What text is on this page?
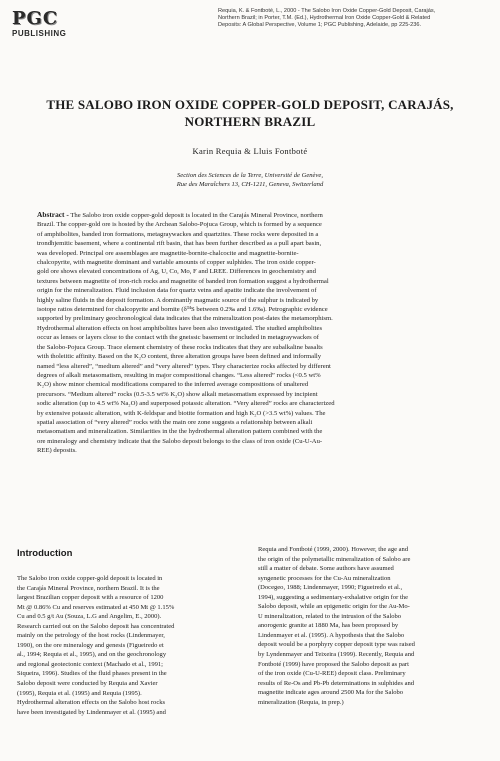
PGC
PUBLISHING
Requia, K. & Fontboté, L., 2000 - The Salobo Iron Oxide Copper-Gold Deposit, Carajás,
Northern Brazil; in Porter, T.M. (Ed.), Hydrothermal Iron Oxide Copper-Gold & Related
Deposits: A Global Perspective, Volume 1; PGC Publishing, Adelaide, pp 225-236.
THE SALOBO IRON OXIDE COPPER-GOLD DEPOSIT, CARAJÁS,
NORTHERN BRAZIL
Karin Requia & Lluis Fontboté
Section des Sciences de la Terre, Université de Genève,
Rue des Maraîchers 13, CH-1211, Geneva, Switzerland
Abstract - The Salobo iron oxide copper-gold deposit is located in the Carajás Mineral Province, northern
Brazil. The copper-gold ore is hosted by the Archean Salobo-Pojuca Group, which is formed by a sequence
of amphibolites, banded iron formations, metagraywackes and quartzites. These rocks were deposited in a
trondhjemitic basement, where a continental rift basin, that has been further described as a pull apart basin,
was developed. Principal ore assemblages are magnetite-bornite-chalcocite and magnetite-bornite-
chalcopyrite, with magnetite dominant and variable amounts of copper sulphides. The iron oxide copper-
gold ore shows elevated concentrations of Ag, U, Co, Mo, F and LREE. Differences in geochemistry and
textures between magnetite of iron-rich rocks and magnetite of banded iron formation suggest a hydrothermal
origin for the mineralization. Fluid inclusion data for quartz veins and apatite indicate the involvement of
highly saline fluids in the deposit formation. A dominantly magmatic source of the sulphur is indicated by
isotope ratios determined for chalcopyrite and bornite (δ³⁴S between 0.2‰ and 1.6‰). Petrographic evidence
supported by preliminary geochronological data indicates that the mineralization post-dates the metamorphism.
Hydrothermal alteration effects on host amphibolites have been also investigated. The studied amphibolites
occur as lenses or layers close to the contact with the gneissic basement or included in metagraywackes of
the Salobo-Pojuca Group. Trace element chemistry of these rocks indicates that they are subalkaline basalts
with tholeiitic affinity. Based on the K₂O content, three alteration groups have been defined and informally
named “less altered”, “medium altered” and “very altered” types. They characterize rocks affected by different
degrees of alkali metasomatism, resulting in major compositional changes. “Less altered” rocks (<0.5 wt%
K₂O) show minor chemical modifications compared to the inferred average compositions of unaltered
precursors. “Medium altered” rocks (0.5-3.5 wt% K₂O) show alkali metasomatism expressed by incipient
sodic alteration (up to 4.5 wt% Na₂O) and superposed potassic alteration. “Very altered” rocks are characterized
by extensive potassic alteration, with K-feldspar and biotite formation and high K₂O (>3.5 wt%) values. The
spatial association of “very altered” rocks with the main ore zone suggests a relationship between alkali
metasomatism and mineralization. Similarities in the the hydrothermal alteration pattern combined with the
ore mineralogy and chemistry indicate that the Salobo deposit belongs to the class of iron oxide (Cu-U-Au-
REE) deposits.
Introduction
The Salobo iron oxide copper-gold deposit is located in
the Carajás Mineral Province, northern Brazil. It is the
largest Brazilian copper deposit with a resource of 1200
Mt @ 0.86% Cu and reserves estimated at 450 Mt @ 1.15%
Cu and 0.5 g/t Au (Souza, L.G and Angelim, E., 2000).
Research carried out on the Salobo deposit has concentrated
mainly on the petrology of the host rocks (Lindenmayer,
1990), on the ore mineralogy and genesis (Figueiredo et
al., 1994; Requia et al., 1995), and on the geochronology
and regional geotectonic context (Machado et al., 1991;
Siqueira, 1996). Studies of the fluid phases present in the
Salobo deposit were conducted by Requia and Xavier
(1995), Requia et al. (1995) and Requia (1995).
Hydrothermal alteration effects on the Salobo host rocks
have been investigated by Lindenmayer et al. (1995) and
Requia and Fontboté (1999, 2000). However, the age and
the origin of the polymetallic mineralization of Salobo are
still a matter of debate. Some authors have assumed
syngenetic processes for the Cu-Au mineralization
(Docegeo, 1988; Lindenmayer, 1990; Figueiredo et al.,
1994), suggesting a sedimentary-exhalative origin for the
Salobo deposit, while an epigenetic origin for the Au-Mo-
U mineralization, related to the intrusion of the Salobo
anorogenic granite at 1880 Ma, has been proposed by
Lindenmayer et al. (1995). A hypothesis that the Salobo
deposit would be a porphyry copper deposit type was raised
by Lyndenmayer and Teixeira (1999). Recently, Requia and
Fontboté (1999) have proposed the Salobo deposit as part
of the iron oxide (Cu-U-REE) deposit class. Preliminary
results of Re-Os and Pb-Pb determinations in sulphides and
magnetite indicate ages around 2500 Ma for the Salobo
mineralization (Requia, in prep.)
